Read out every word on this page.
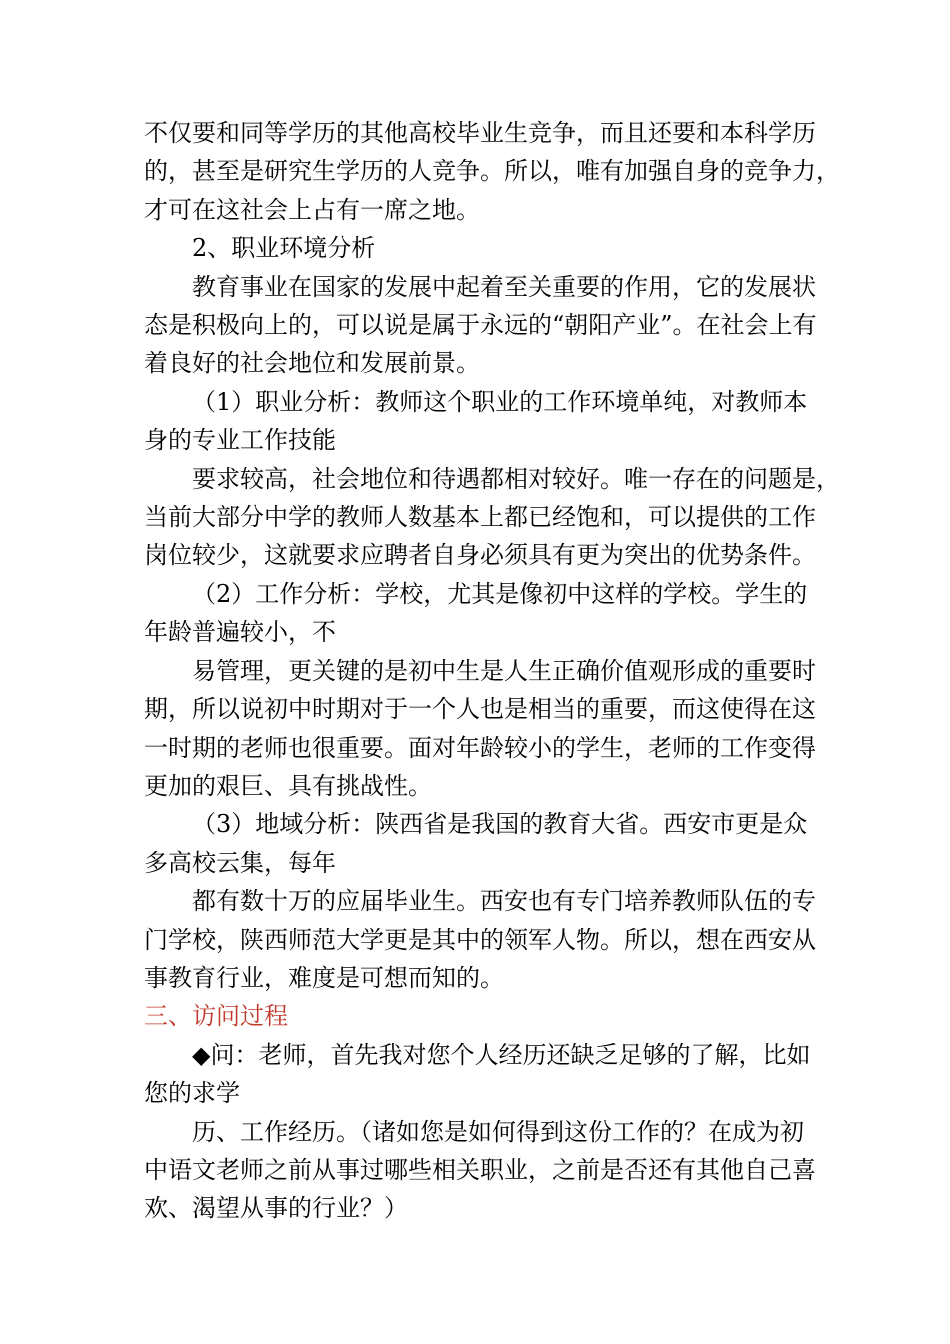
不仅要和同等学历的其他高校毕业生竞争，而且还要和本科学历
的，甚至是研究生学历的人竞争。所以，唯有加强自身的竞争力，
才可在这社会上占有一席之地。

2、职业环境分析

教育事业在国家的发展中起着至关重要的作用，它的发展状
态是积极向上的，可以说是属于永远的“朝阳产业”。在社会上有
着良好的社会地位和发展前景。

（1）职业分析：教师这个职业的工作环境单纯，对教师本
身的专业工作技能

要求较高，社会地位和待遇都相对较好。唯一存在的问题是，
当前大部分中学的教师人数基本上都已经饱和，可以提供的工作
岗位较少，这就要求应聘者自身必须具有更为突出的优势条件。

（2）工作分析：学校，尤其是像初中这样的学校。学生的
年龄普遍较小，不

易管理，更关键的是初中生是人生正确价值观形成的重要时
期，所以说初中时期对于一个人也是相当的重要，而这使得在这
一时期的老师也很重要。面对年龄较小的学生，老师的工作变得
更加的艰巨、具有挑战性。

（3）地域分析：陕西省是我国的教育大省。西安市更是众
多高校云集，每年

都有数十万的应届毕业生。西安也有专门培养教师队伍的专
门学校，陕西师范大学更是其中的领军人物。所以，想在西安从
事教育行业，难度是可想而知的。

三、访问过程

◆问：老师，首先我对您个人经历还缺乏足够的了解，比如
您的求学

历、工作经历。（诸如您是如何得到这份工作的？在成为初
中语文老师之前从事过哪些相关职业，之前是否还有其他自己喜
欢、渴望从事的行业？）
